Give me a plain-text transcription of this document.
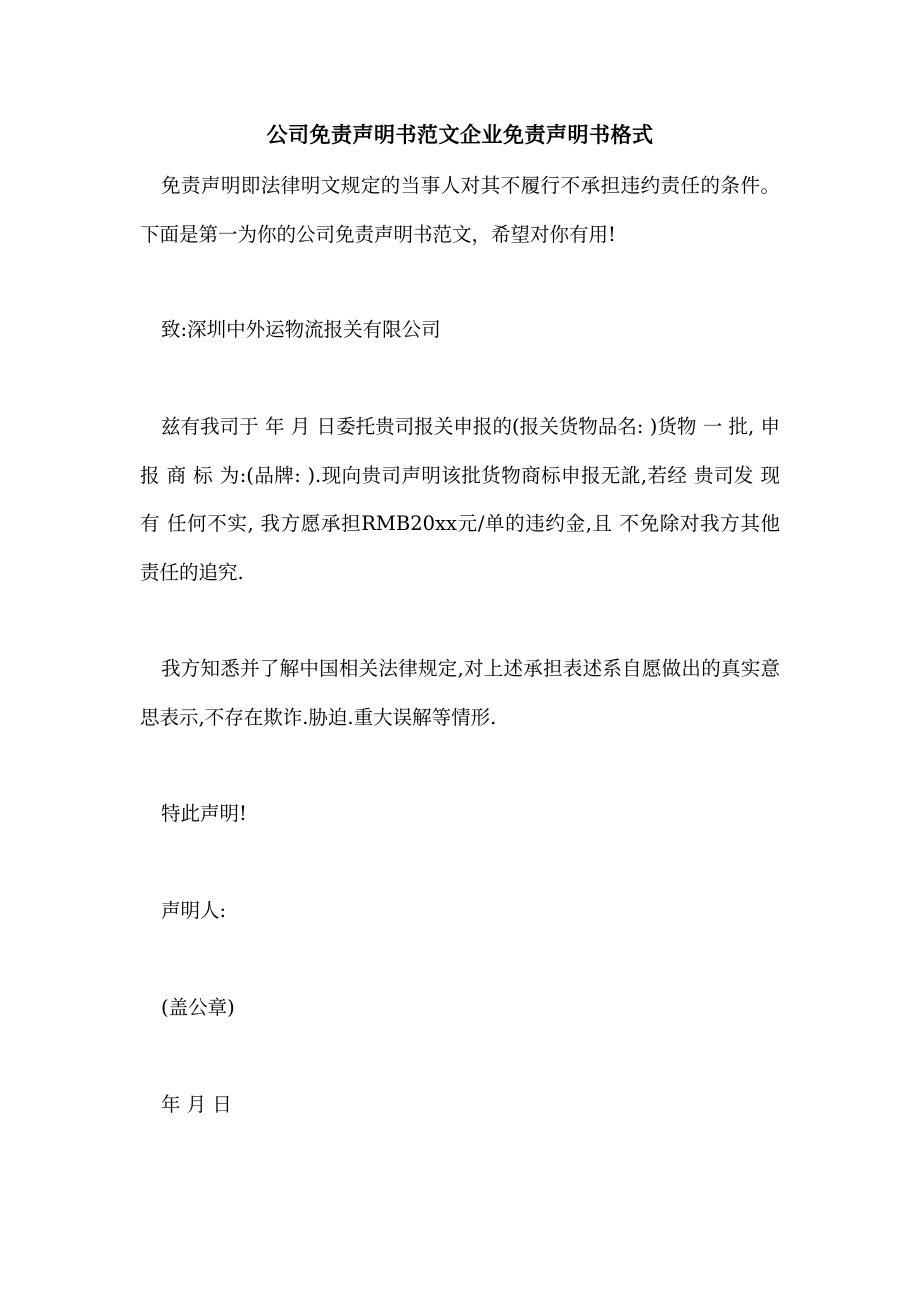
公司免责声明书范文企业免责声明书格式

免责声明即法律明文规定的当事人对其不履行不承担违约责任的条件。下面是第一为你的公司免责声明书范文，希望对你有用!

致:深圳中外运物流报关有限公司

兹有我司于 年 月 日委托贵司报关申报的(报关货物品名: )货物 一 批, 申 报 商 标 为:(品牌: ).现向贵司声明该批货物商标申报无訛,若经 贵司发 现有 任何不实, 我方愿承担RMB20xx元/单的违约金,且 不免除对我方其他责任的追究.

我方知悉并了解中国相关法律规定,对上述承担表述系自愿做出的真实意思表示,不存在欺诈.胁迫.重大误解等情形.

特此声明!

声明人:

(盖公章)

年 月 日
